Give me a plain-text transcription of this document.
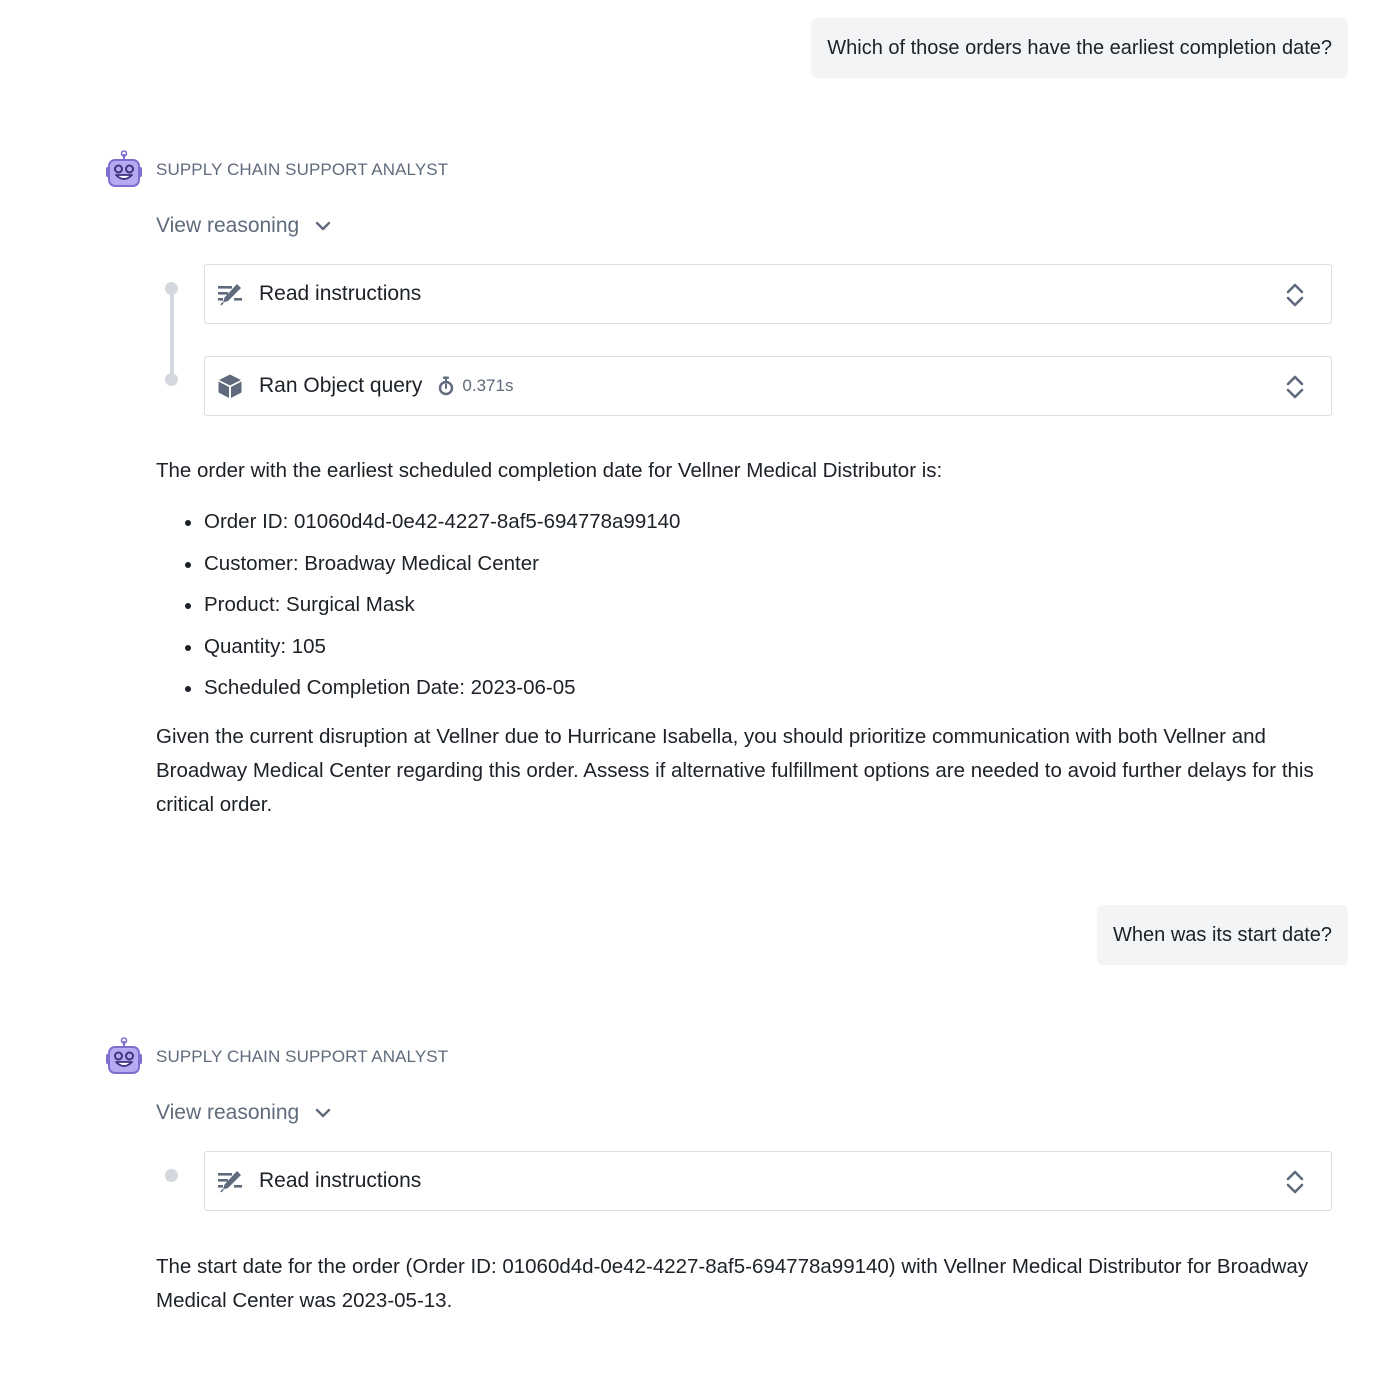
Which of those orders have the earliest completion date?
SUPPLY CHAIN SUPPORT ANALYST
View reasoning
Read instructions
Ran Object query 0.371s

The order with the earliest scheduled completion date for Vellner Medical Distributor is:

Order ID: 01060d4d-0e42-4227-8af5-694778a99140
Customer: Broadway Medical Center
Product: Surgical Mask
Quantity: 105
Scheduled Completion Date: 2023-06-05

Given the current disruption at Vellner due to Hurricane Isabella, you should prioritize communication with both Vellner and Broadway Medical Center regarding this order. Assess if alternative fulfillment options are needed to avoid further delays for this critical order.

When was its start date?
SUPPLY CHAIN SUPPORT ANALYST
View reasoning
Read instructions

The start date for the order (Order ID: 01060d4d-0e42-4227-8af5-694778a99140) with Vellner Medical Distributor for Broadway Medical Center was 2023-05-13.
